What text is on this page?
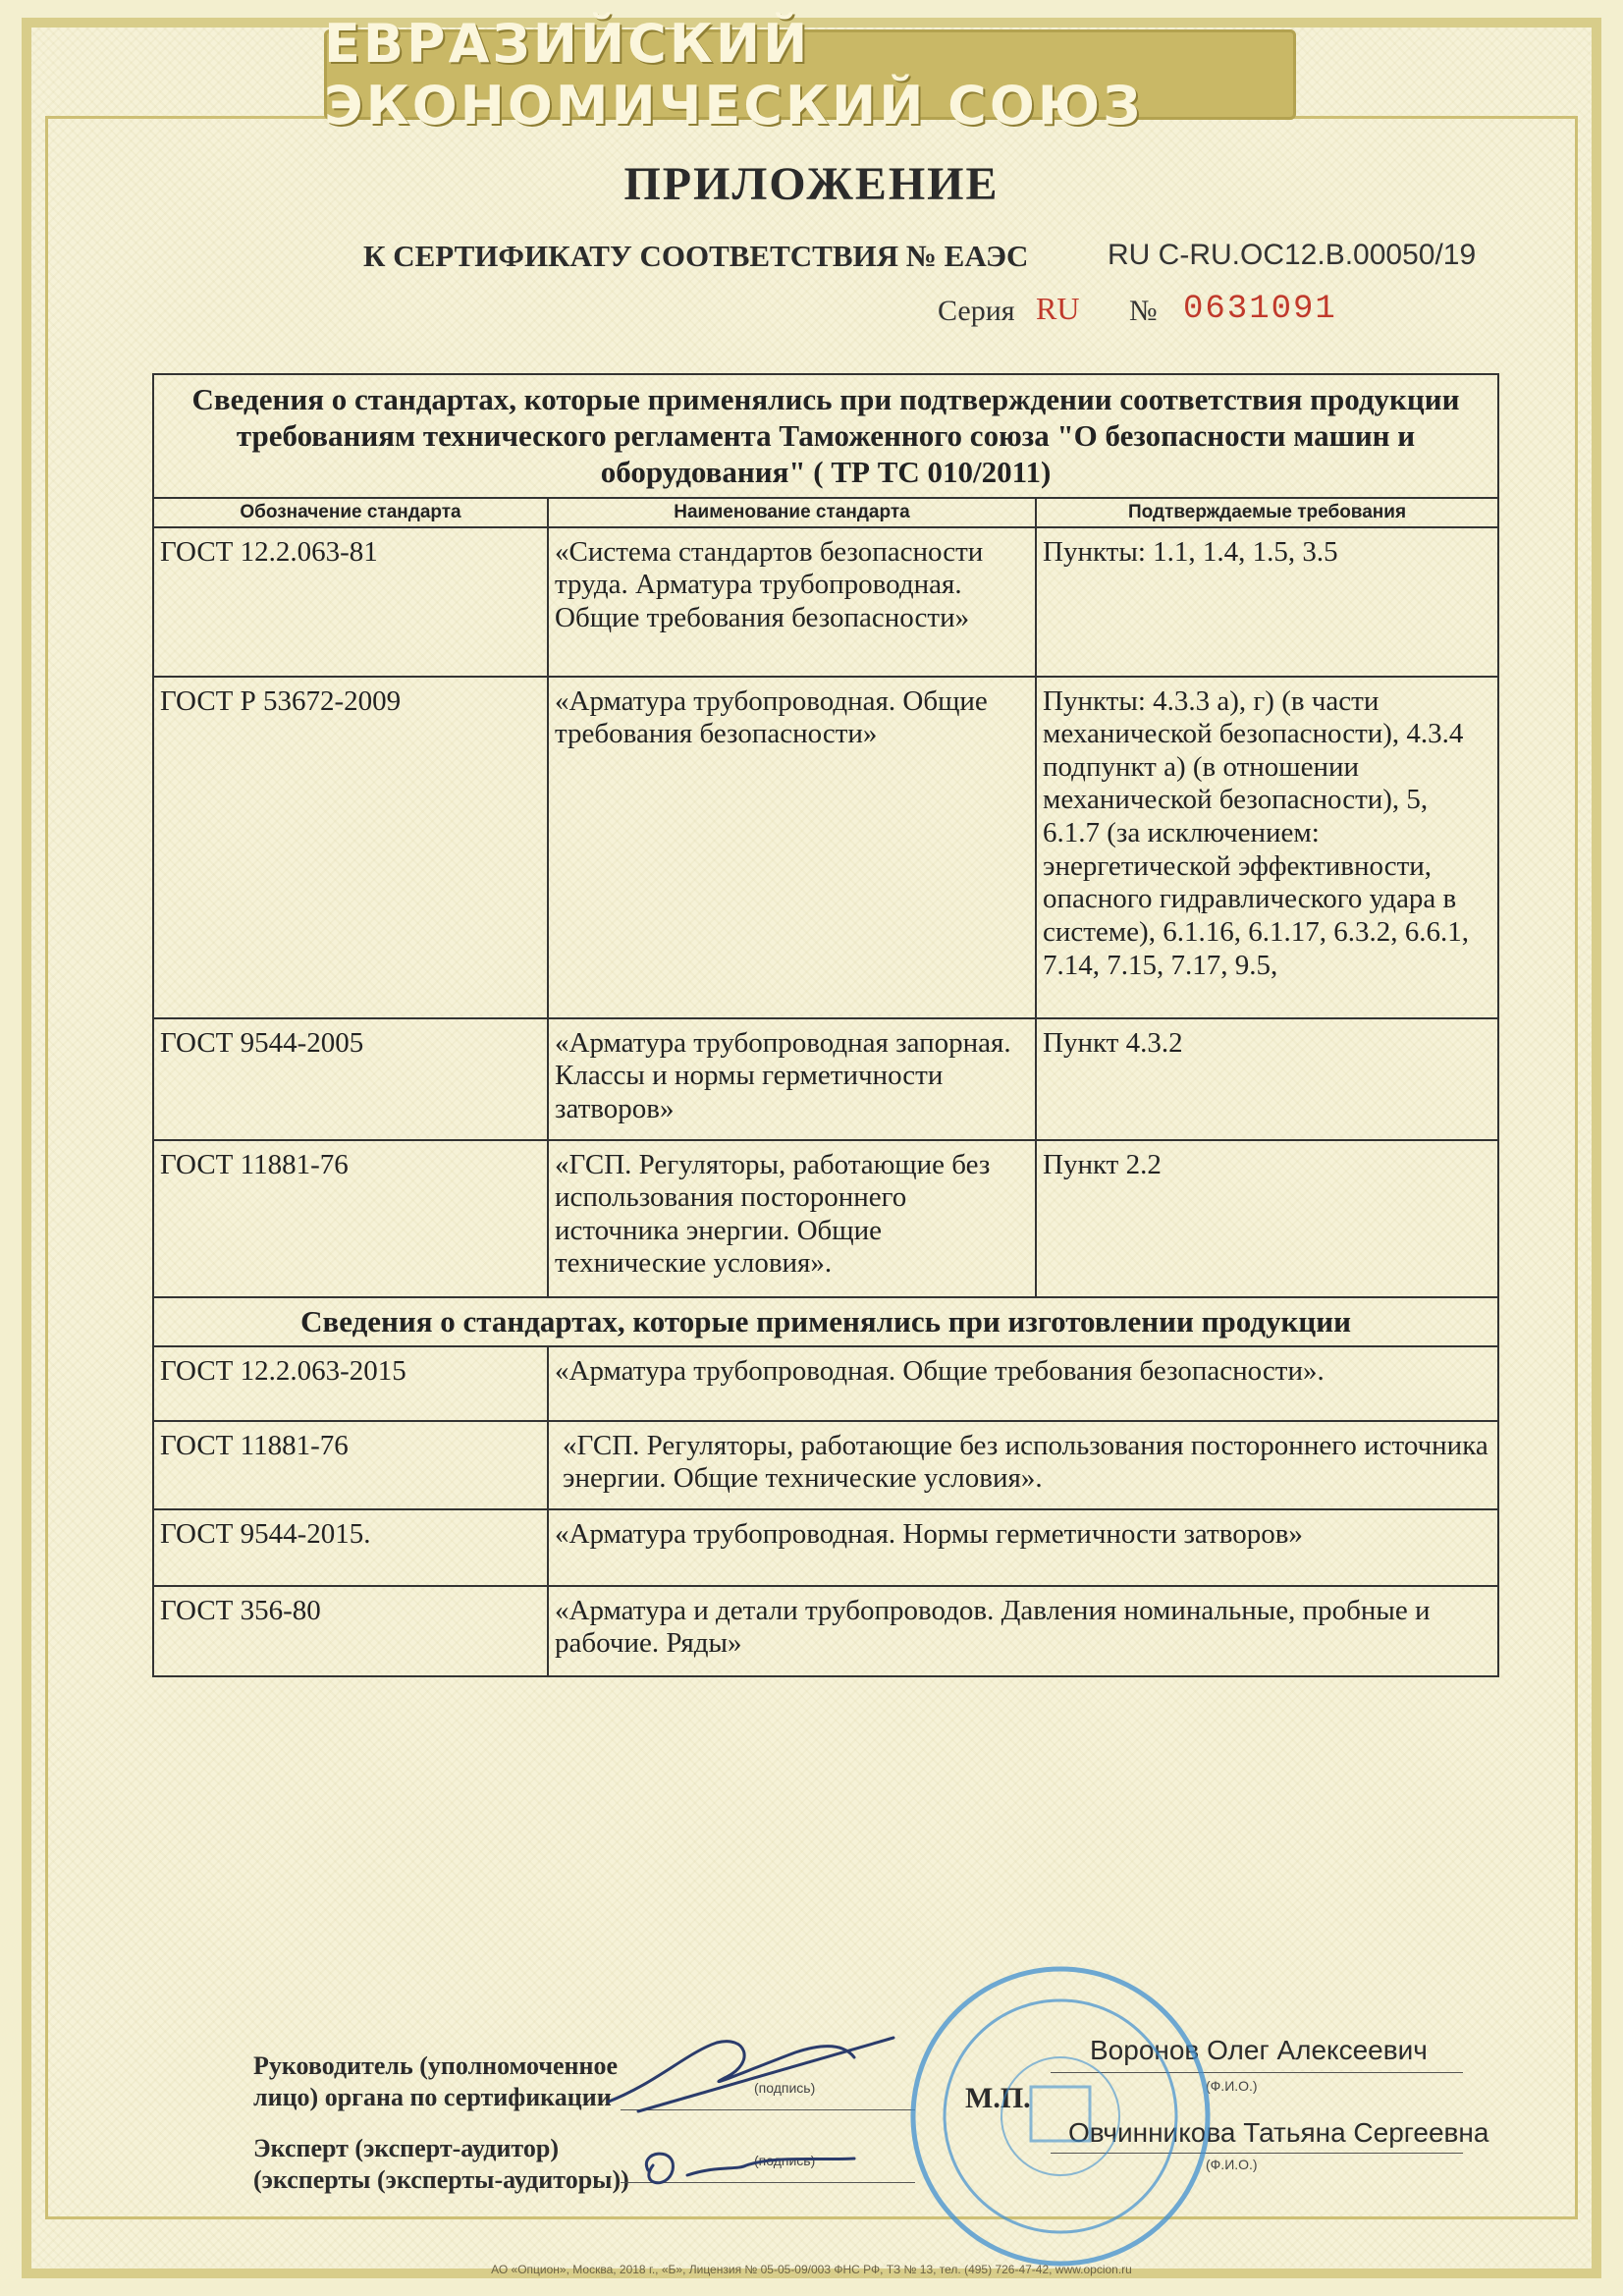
ЕВРАЗИЙСКИЙ ЭКОНОМИЧЕСКИЙ СОЮЗ
ПРИЛОЖЕНИЕ
К СЕРТИФИКАТУ СООТВЕТСТВИЯ № ЕАЭС	RU C-RU.OC12.B.00050/19
Серия RU № 0631091
Сведения о стандартах, которые применялись при подтверждении соответствия продукции требованиям технического регламента Таможенного союза "О безопасности машин и оборудования" ( ТР ТС 010/2011)		
Обозначение стандарта	Наименование стандарта	Подтверждаемые требования
ГОСТ 12.2.063-81	«Система стандартов безопасности труда. Арматура трубопроводная. Общие требования безопасности»	Пункты: 1.1, 1.4, 1.5, 3.5
ГОСТ Р 53672-2009	«Арматура трубопроводная. Общие требования безопасности»	Пункты: 4.3.3 а), г) (в части механической безопасности), 4.3.4 подпункт а) (в отношении механической безопасности), 5, 6.1.7 (за исключением: энергетической эффективности, опасного гидравлического удара в системе), 6.1.16, 6.1.17, 6.3.2, 6.6.1, 7.14, 7.15, 7.17, 9.5,
ГОСТ 9544-2005	«Арматура трубопроводная запорная. Классы и нормы герметичности затворов»	Пункт 4.3.2
ГОСТ 11881-76	«ГСП. Регуляторы, работающие без использования постороннего источника энергии. Общие технические условия».	Пункт 2.2
Сведения о стандартах, которые применялись при изготовлении продукции		
ГОСТ 12.2.063-2015	«Арматура трубопроводная. Общие требования безопасности».	
ГОСТ 11881-76	«ГСП. Регуляторы, работающие без использования постороннего источника энергии. Общие технические условия».	
ГОСТ 9544-2015.	«Арматура трубопроводная. Нормы герметичности затворов»	
ГОСТ 356-80	«Арматура и детали трубопроводов. Давления номинальные, пробные и рабочие. Ряды»	
Руководитель (уполномоченное
лицо) органа по сертификации	(подпись)
Воронов Олег Алексеевич
(Ф.И.О.)
М.П.
Эксперт (эксперт-аудитор)
(эксперты (эксперты-аудиторы))
(подпись)
Овчинникова Татьяна Сергеевна
(Ф.И.О.)
АО «Опцион», Москва, 2018 г., «Б», Лицензия № 05-05-09/003 ФНС РФ, ТЗ № 13, тел. (495) 726-47-42, www.opcion.ru
